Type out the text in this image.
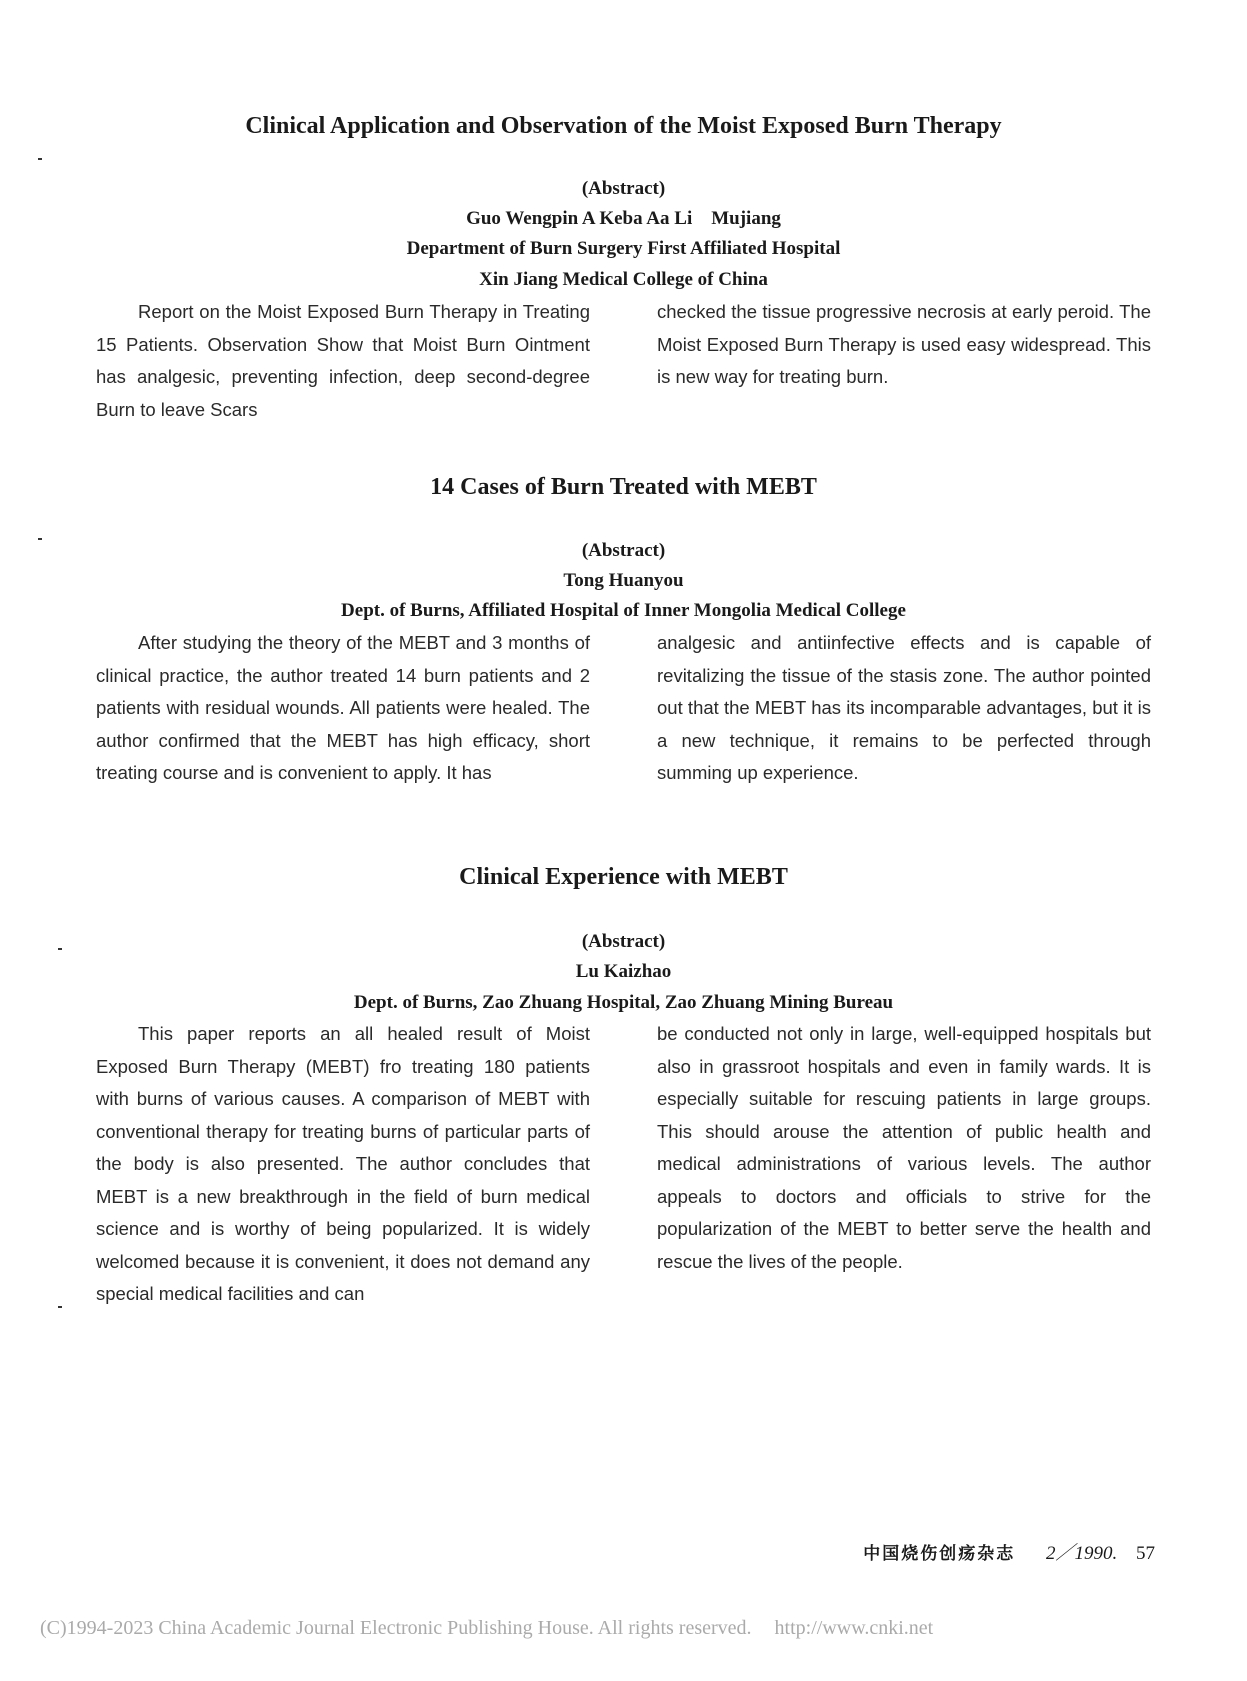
Clinical Application and Observation of the Moist Exposed Burn Therapy
(Abstract)
Guo Wengpin A Keba Aa Li    Mujiang
Department of Burn Surgery First Affiliated Hospital
Xin Jiang Medical College of China
Report on the Moist Exposed Burn Therapy in Treating 15 Patients. Observation Show that Moist Burn Ointment has analgesic, preventing infection, deep second-degree Burn to leave Scars
checked the tissue progressive necrosis at early peroid. The Moist Exposed Burn Therapy is used easy widespread. This is new way for treating burn.
14 Cases of Burn Treated with MEBT
(Abstract)
Tong Huanyou
Dept. of Burns, Affiliated Hospital of Inner Mongolia Medical College
After studying the theory of the MEBT and 3 months of clinical practice, the author treated 14 burn patients and 2 patients with residual wounds. All patients were healed. The author confirmed that the MEBT has high efficacy, short treating course and is convenient to apply. It has
analgesic and antiinfective effects and is capable of revitalizing the tissue of the stasis zone. The author pointed out that the MEBT has its incomparable advantages, but it is a new technique, it remains to be perfected through summing up experience.
Clinical Experience with MEBT
(Abstract)
Lu Kaizhao
Dept. of Burns, Zao Zhuang Hospital, Zao Zhuang Mining Bureau
This paper reports an all healed result of Moist Exposed Burn Therapy (MEBT) fro treating 180 patients with burns of various causes. A comparison of MEBT with conventional therapy for treating burns of particular parts of the body is also presented. The author concludes that MEBT is a new breakthrough in the field of burn medical science and is worthy of being popularized. It is widely welcomed because it is convenient, it does not demand any special medical facilities and can
be conducted not only in large, well-equipped hospitals but also in grassroot hospitals and even in family wards. It is especially suitable for rescuing patients in large groups. This should arouse the attention of public health and medical administrations of various levels. The author appeals to doctors and officials to strive for the popularization of the MEBT to better serve the health and rescue the lives of the people.
中国烧伤创疡杂志 2／1990. 57
(C)1994-2023 China Academic Journal Electronic Publishing House. All rights reserved. http://www.cnki.net
